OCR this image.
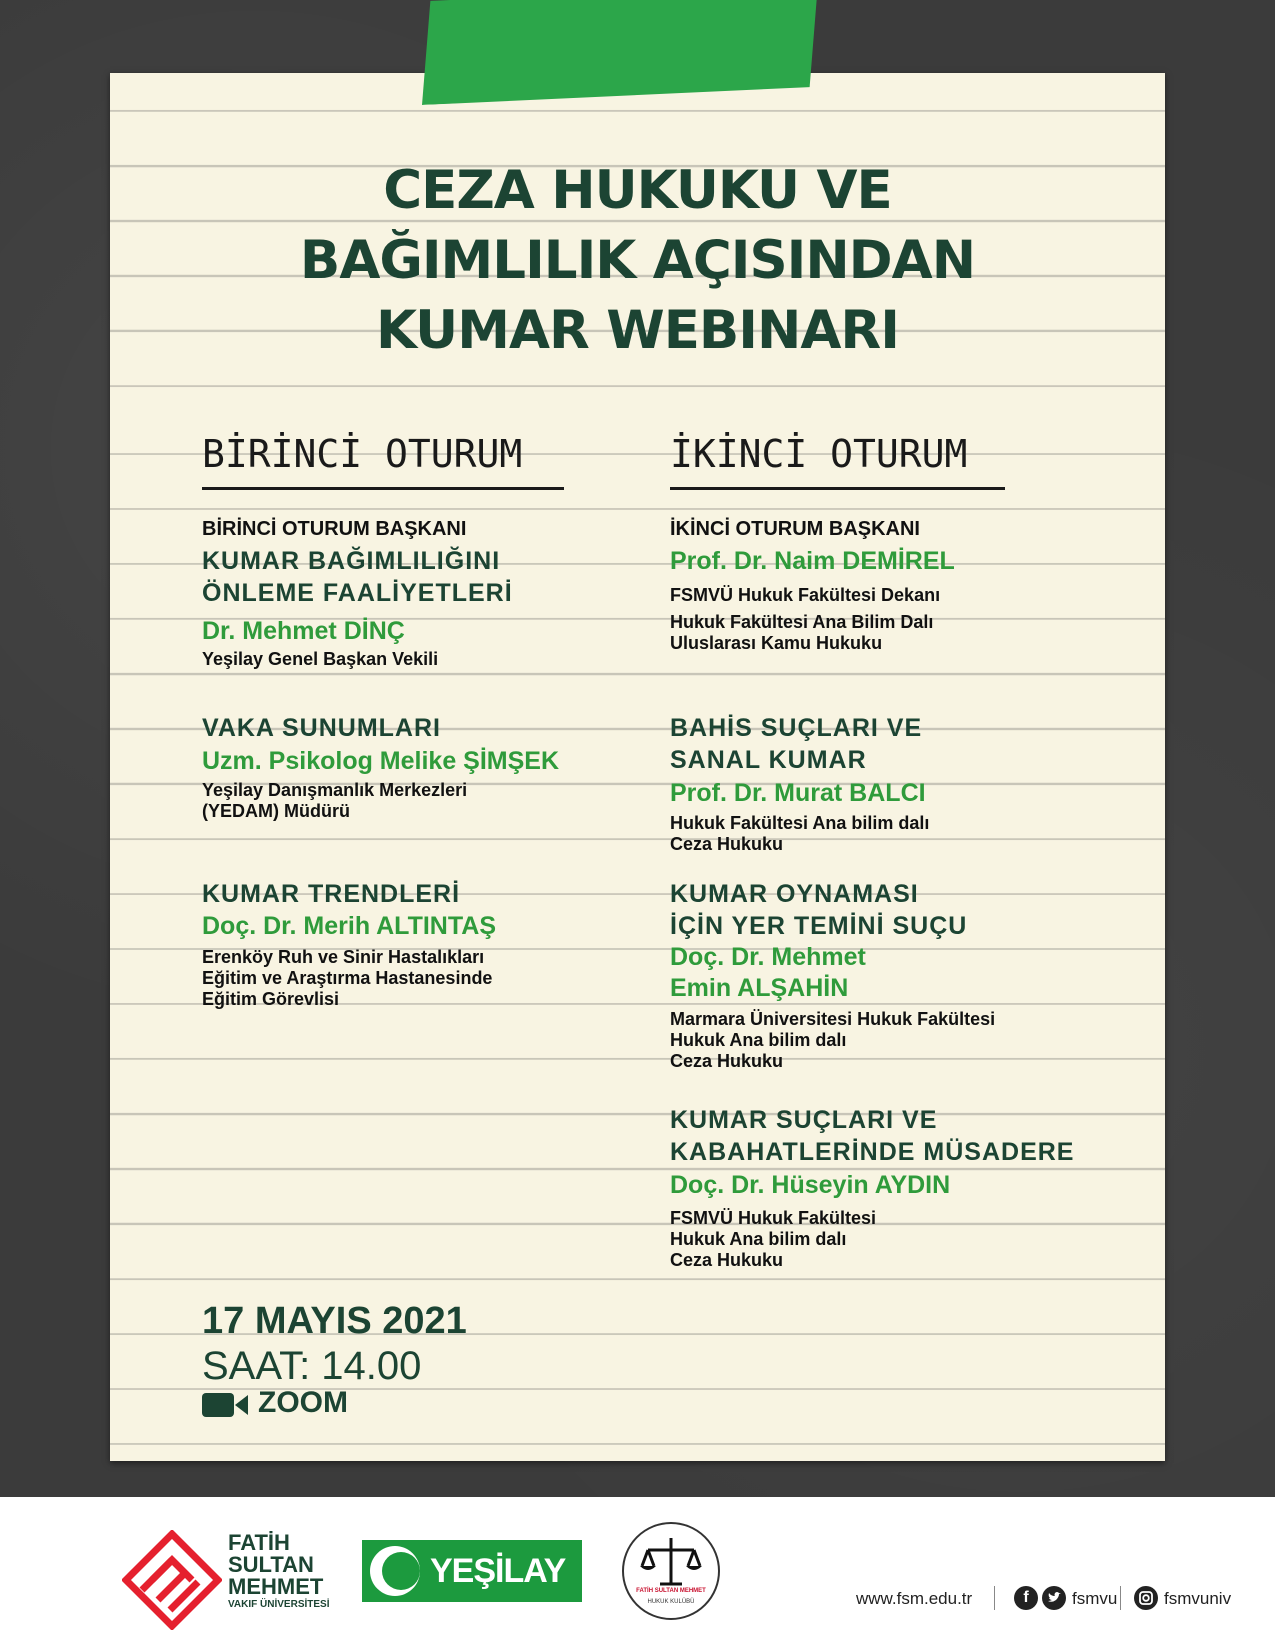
CEZA HUKUKU VE
BAĞIMLILIK AÇISINDAN
KUMAR WEBINARI
BİRİNCİ OTURUM	İKİNCİ OTURUM
BİRİNCİ OTURUM BAŞKANI
KUMAR BAĞIMLILIĞINI
ÖNLEME FAALİYETLERİ
Dr. Mehmet DİNÇ
Yeşilay Genel Başkan Vekili
VAKA SUNUMLARI
Uzm. Psikolog Melike ŞİMŞEK
Yeşilay Danışmanlık Merkezleri
(YEDAM) Müdürü
KUMAR TRENDLERİ
Doç. Dr. Merih ALTINTAŞ
Erenköy Ruh ve Sinir Hastalıkları
Eğitim ve Araştırma Hastanesinde
Eğitim Görevlisi
İKİNCİ OTURUM BAŞKANI
Prof. Dr. Naim DEMİREL
FSMVÜ Hukuk Fakültesi Dekanı
Hukuk Fakültesi Ana Bilim Dalı
Uluslarası Kamu Hukuku
BAHİS SUÇLARI VE
SANAL KUMAR
Prof. Dr. Murat BALCI
Hukuk Fakültesi Ana bilim dalı
Ceza Hukuku
KUMAR OYNAMASI
İÇİN YER TEMİNİ SUÇU
Doç. Dr. Mehmet
Emin ALŞAHİN
Marmara Üniversitesi Hukuk Fakültesi
Hukuk Ana bilim dalı
Ceza Hukuku
KUMAR SUÇLARI VE
KABAHATLERİNDE MÜSADERE
Doç. Dr. Hüseyin AYDIN
FSMVÜ Hukuk Fakültesi
Hukuk Ana bilim dalı
Ceza Hukuku
17 MAYIS 2021
SAAT: 14.00
ZOOM
FATİH
SULTAN
MEHMET
VAKIF ÜNİVERSİTESİ
YEŞİLAY
FATİH SULTAN MEHMET
HUKUK KULÜBÜ	www.fsm.edu.tr	f	fsmvu	fsmvuniv
